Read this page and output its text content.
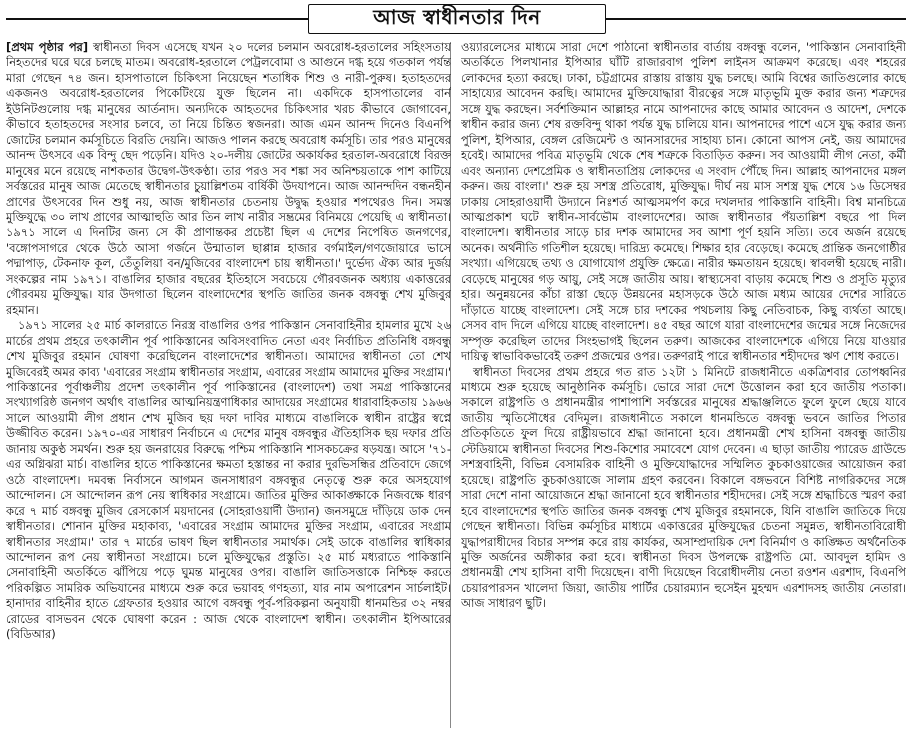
আজ স্বাধীনতার দিন

[প্রথম পৃষ্ঠার পর] স্বাধীনতা দিবস এসেছে যখন ২০ দলের চলমান অবরোধ-হরতালের সহিংসতায় নিহতদের ঘরে ঘরে চলছে মাতম। অবরোধ-হরতালে পেট্রলবোমা ও আগুনে দগ্ধ হয়ে গতকাল পর্যন্ত মারা গেছেন ৭৪ জন। হাসপাতালে চিকিৎসা নিয়েছেন শতাধিক শিশু ও নারী-পুরুষ। হতাহতদের একজনও অবরোধ-হরতালের পিকেটিংয়ে যুক্ত ছিলেন না। একদিকে হাসপাতালের বার্ন ইউনিটগুলোয় দগ্ধ মানুষের আর্তনাদ। অন্যদিকে আহতদের চিকিৎসার খরচ কীভাবে জোগাবেন, কীভাবে হতাহতদের সংসার চলবে, তা নিয়ে চিন্তিত স্বজনরা। আজ এমন আনন্দ দিনেও বিএনপি জোটের চলমান কর্মসূচিতে বিরতি দেয়নি। আজও পালন করছে অবরোধ কর্মসূচি। তার পরও মানুষের আনন্দ উৎসবে এক বিন্দু ছেদ পড়েনি। যদিও ২০-দলীয় জোটের অকার্যকর হরতাল-অবরোধে বিরক্ত মানুষের মনে রয়েছে নাশকতার উদ্বেগ-উৎকণ্ঠা। তার পরও সব শঙ্কা সব অনিশ্চয়তাকে পাশ কাটিয়ে সর্বস্তরের মানুষ আজ মেতেছে স্বাধীনতার চুয়াল্লিশতম বার্ষিকী উদযাপনে। আজ আনন্দদিন বন্ধনহীন প্রাণের উৎসবের দিন শুধু নয়, আজ স্বাধীনতার চেতনায় উদ্বুদ্ধ হওয়ার শপথেরও দিন। সমস্ত মুক্তিযুদ্ধে ৩০ লাখ প্রাণের আত্মাহুতি আর তিন লাখ নারীর সম্ভ্রমের বিনিময়ে পেয়েছি এ স্বাধীনতা। ১৯৭১ সালে এ দিনটির জন্য সে কী প্রাণান্তকর প্রচেষ্টা ছিল এ দেশের নিপেষিত জনগণের, 'বঙ্গোপসাগরে থেকে উঠে আসা গর্জনে উন্মাতাল ছাপ্পান্ন হাজার বর্গমাইল/গণজোয়ারে ভাসে পদ্মাপাড়, টেকনাফ কূল, তেঁতুলিয়া বন/মুজিবের বাংলাদেশ চায় স্বাধীনতা।' দুর্ভেদ্য ঐক্য আর দুর্জয় সংকল্পের নাম ১৯৭১। বাঙালির হাজার বছরের ইতিহাসে সবচেয়ে গৌরবজনক অধ্যায় একাত্তরের গৌরবময় মুক্তিযুদ্ধ। যার উদগাতা ছিলেন বাংলাদেশের স্থপতি জাতির জনক বঙ্গবন্ধু শেখ মুজিবুর রহমান।

১৯৭১ সালের ২৫ মার্চ কালরাতে নিরস্ত্র বাঙালির ওপর পাকিস্তান সেনাবাহিনীর হামলার মুখে ২৬ মার্চের প্রথম প্রহরে তৎকালীন পূর্ব পাকিস্তানের অবিসংবাদিত নেতা এবং নির্বাচিত প্রতিনিধি বঙ্গবন্ধু শেখ মুজিবুর রহমান ঘোষণা করেছিলেন বাংলাদেশের স্বাধীনতা। আমাদের স্বাধীনতা তো শেখ মুজিবেরই অমর কাব্য 'এবারের সংগ্রাম স্বাধীনতার সংগ্রাম, এবারের সংগ্রাম আমাদের মুক্তির সংগ্রাম।' পাকিস্তানের পূর্বাঞ্চলীয় প্রদেশ তৎকালীন পূর্ব পাকিস্তানের (বাংলাদেশ) তথা সমগ্র পাকিস্তানের সংখ্যাগরিষ্ঠ জনগণ অর্থাৎ বাঙালির আত্মনিয়ন্ত্রণাধিকার আদায়ের সংগ্রামের ধারাবাহিকতায় ১৯৬৬ সালে আওয়ামী লীগ প্রধান শেখ মুজিব ছয় দফা দাবির মাধ্যমে বাঙালিকে স্বাধীন রাষ্ট্রের স্বপ্নে উজ্জীবিত করেন। ১৯৭০-এর সাধারণ নির্বাচনে এ দেশের মানুষ বঙ্গবন্ধুর ঐতিহাসিক ছয় দফার প্রতি জানায় অকুণ্ঠ সমর্থন। শুরু হয় জনরায়ের বিরুদ্ধে পশ্চিম পাকিস্তানি শাসকচক্রের ষড়যন্ত্র। আসে '৭১-এর অগ্নিঝরা মার্চ। বাঙালির হাতে পাকিস্তানের ক্ষমতা হস্তান্তর না করার দুরভিসন্ধির প্রতিবাদে জেগে ওঠে বাংলাদেশ। দমবন্ধ নির্বাসনে আগমন জনসাধারণ বঙ্গবন্ধুর নেতৃত্বে শুরু করে অসহযোগ আন্দোলন। সে আন্দোলন রূপ নেয় স্বাধিকার সংগ্রামে। জাতির মুক্তির আকাঙ্ক্ষাকে নিজবক্ষে ধারণ করে ৭ মার্চ বঙ্গবন্ধু মুজিব রেসকোর্স ময়দানের (সোহরাওয়ার্দী উদ্যান) জনসমুদ্রে দাঁড়িয়ে ডাক দেন স্বাধীনতার। শোনান মুক্তির মহাকাব্য, 'এবারের সংগ্রাম আমাদের মুক্তির সংগ্রাম, এবারের সংগ্রাম স্বাধীনতার সংগ্রাম।' তার ৭ মার্চের ভাষণ ছিল স্বাধীনতার সমার্থক। সেই ডাকে বাঙালির স্বাধিকার আন্দোলন রূপ নেয় স্বাধীনতা সংগ্রামে। চলে মুক্তিযুদ্ধের প্রস্তুতি। ২৫ মার্চ মধ্যরাতে পাকিস্তানি সেনাবাহিনী অতর্কিতে ঝাঁপিয়ে পড়ে ঘুমন্ত মানুষের ওপর। বাঙালি জাতিসত্তাকে নিশ্চিহ্ন করতে পরিকল্পিত সামরিক অভিযানের মাধ্যমে শুরু করে ভয়াবহ গণহত্যা, যার নাম অপারেশন সার্চলাইট। হানাদার বাহিনীর হাতে গ্রেফতার হওয়ার আগে বঙ্গবন্ধু পূর্ব-পরিকল্পনা অনুযায়ী ধানমন্ডির ৩২ নম্বর রোডের বাসভবন থেকে ঘোষণা করেন : আজ থেকে বাংলাদেশ স্বাধীন। তৎকালীন ইপিআরের (বিডিআর)

ওয়্যারলেসের মাধ্যমে সারা দেশে পাঠানো স্বাধীনতার বার্তায় বঙ্গবন্ধু বলেন, 'পাকিস্তান সেনাবাহিনী অতর্কিতে পিলখানার ইপিআর ঘাঁটি রাজারবাগ পুলিশ লাইনস আক্রমণ করেছে। এবং শহরের লোকদের হত্যা করছে। ঢাকা, চট্টগ্রামের রাস্তায় রাস্তায় যুদ্ধ চলছে। আমি বিশ্বের জাতিগুলোর কাছে সাহায্যের আবেদন করছি। আমাদের মুক্তিযোদ্ধারা বীরত্বের সঙ্গে মাতৃভূমি মুক্ত করার জন্য শত্রুদের সঙ্গে যুদ্ধ করছেন। সর্বশক্তিমান আল্লাহর নামে আপনাদের কাছে আমার আবেদন ও আদেশ, দেশকে স্বাধীন করার জন্য শেষ রক্তবিন্দু থাকা পর্যন্ত যুদ্ধ চালিয়ে যান। আপনাদের পাশে এসে যুদ্ধ করার জন্য পুলিশ, ইপিআর, বেঙ্গল রেজিমেন্ট ও আনসারদের সাহায্য চান। কোনো আপস নেই, জয় আমাদের হবেই। আমাদের পবিত্র মাতৃভূমি থেকে শেষ শত্রুকে বিতাড়িত করুন। সব আওয়ামী লীগ নেতা, কর্মী এবং অন্যান্য দেশপ্রেমিক ও স্বাধীনতাপ্রিয় লোকদের এ সংবাদ পৌঁছে দিন। আল্লাহ আপনাদের মঙ্গল করুন। জয় বাংলা।' শুরু হয় সশস্ত্র প্রতিরোধ, মুক্তিযুদ্ধ। দীর্ঘ নয় মাস সশস্ত্র যুদ্ধ শেষে ১৬ ডিসেম্বর ঢাকায় সোহরাওয়ার্দী উদ্যানে নিঃশর্ত আত্মসমর্পণ করে দখলদার পাকিস্তানি বাহিনী। বিশ্ব মানচিত্রে আত্মপ্রকাশ ঘটে স্বাধীন-সার্বভৌম বাংলাদেশের। আজ স্বাধীনতার পঁয়তাল্লিশ বছরে পা দিল বাংলাদেশ। স্বাধীনতার সাড়ে চার দশক আমাদের সব আশা পূর্ণ হয়নি সত্যি। তবে অর্জন রয়েছে অনেক। অর্থনীতি গতিশীল হয়েছে। দারিদ্র্য কমেছে। শিক্ষার হার বেড়েছে। কমেছে প্রান্তিক জনগোষ্ঠীর সংখ্যা। এগিয়েছে তথ্য ও যোগাযোগ প্রযুক্তি ক্ষেত্রে। নারীর ক্ষমতায়ন হয়েছে। স্বাবলম্বী হয়েছে নারী। বেড়েছে মানুষের গড় আয়ু, সেই সঙ্গে জাতীয় আয়। স্বাস্থ্যসেবা বাড়ায় কমেছে শিশু ও প্রসূতি মৃত্যুর হার। অনুন্নয়নের কাঁচা রাস্তা ছেড়ে উন্নয়নের মহাসড়কে উঠে আজ মধ্যম আয়ের দেশের সারিতে দাঁড়াতে যাচ্ছে বাংলাদেশ। সেই সঙ্গে চার দশকের পথচলায় কিছু নেতিবাচক, কিছু ব্যর্থতা আছে। সেসব বাদ দিলে এগিয়ে যাচ্ছে বাংলাদেশ। ৪৫ বছর আগে যারা বাংলাদেশের জন্মের সঙ্গে নিজেদের সম্পৃক্ত করেছিল তাদের সিংহভাগই ছিলেন তরুণ। আজকের বাংলাদেশকে এগিয়ে নিয়ে যাওয়ার দায়িত্ব স্বাভাবিকভাবেই তরুণ প্রজন্মের ওপর। তরুণরাই পারে স্বাধীনতার শহীদদের ঋণ শোধ করতে।

স্বাধীনতা দিবসের প্রথম প্রহরে গত রাত ১২টা ১ মিনিটে রাজধানীতে একত্রিশবার তোপধ্বনির মাধ্যমে শুরু হয়েছে আনুষ্ঠানিক কর্মসূচি। ভোরে সারা দেশে উত্তোলন করা হবে জাতীয় পতাকা। সকালে রাষ্ট্রপতি ও প্রধানমন্ত্রীর পাশাপাশি সর্বস্তরের মানুষের শ্রদ্ধাঞ্জলিতে ফুলে ফুলে ছেয়ে যাবে জাতীয় স্মৃতিসৌধের বেদিমূল। রাজধানীতে সকালে ধানমন্ডিতে বঙ্গবন্ধু ভবনে জাতির পিতার প্রতিকৃতিতে ফুল দিয়ে রাষ্ট্রীয়ভাবে শ্রদ্ধা জানানো হবে। প্রধানমন্ত্রী শেখ হাসিনা বঙ্গবন্ধু জাতীয় স্টেডিয়ামে স্বাধীনতা দিবসের শিশু-কিশোর সমাবেশে যোগ দেবেন। এ ছাড়া জাতীয় প্যারেড গ্রাউন্ডে সশস্ত্রবাহিনী, বিভিন্ন বেসামরিক বাহিনী ও মুক্তিযোদ্ধাদের সম্মিলিত কুচকাওয়াজের আয়োজন করা হয়েছে। রাষ্ট্রপতি কুচকাওয়াজে সালাম গ্রহণ করবেন। বিকালে বঙ্গভবনে বিশিষ্ট নাগরিকদের সঙ্গে সারা দেশে নানা আয়োজনে শ্রদ্ধা জানানো হবে স্বাধীনতার শহীদদের। সেই সঙ্গে শ্রদ্ধাচিত্তে স্মরণ করা হবে বাংলাদেশের স্থপতি জাতির জনক বঙ্গবন্ধু শেখ মুজিবুর রহমানকে, যিনি বাঙালি জাতিকে দিয়ে গেছেন স্বাধীনতা। বিভিন্ন কর্মসূচির মাধ্যমে একাত্তরের মুক্তিযুদ্ধের চেতনা সমুন্নত, স্বাধীনতাবিরোধী যুদ্ধাপরাধীদের বিচার সম্পন্ন করে রায় কার্যকর, অসাম্প্রদায়িক দেশ বিনির্মাণ ও কাঙ্ক্ষিত অর্থনৈতিক মুক্তি অর্জনের অঙ্গীকার করা হবে। স্বাধীনতা দিবস উপলক্ষে রাষ্ট্রপতি মো. আবদুল হামিদ ও প্রধানমন্ত্রী শেখ হাসিনা বাণী দিয়েছেন। বাণী দিয়েছেন বিরোধীদলীয় নেতা রওশন এরশাদ, বিএনপি চেয়ারপারসন খালেদা জিয়া, জাতীয় পার্টির চেয়ারম্যান হুসেইন মুহম্মদ এরশাদসহ জাতীয় নেতারা। আজ সাধারণ ছুটি।
